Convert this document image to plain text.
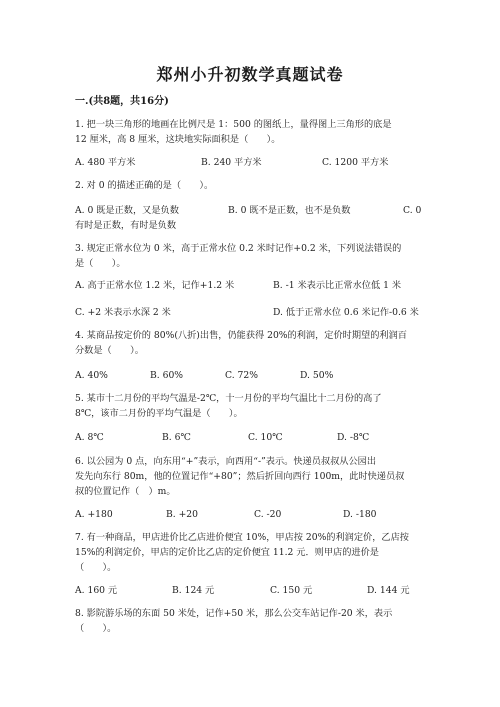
郑州小升初数学真题试卷
一.(共8题，共16分)
1. 把一块三角形的地画在比例尺是 1：500 的图纸上，量得图上三角形的底是
12 厘米，高 8 厘米，这块地实际面积是（　　）。
A. 480 平方米	B. 240 平方米	C. 1200 平方米
2. 对 0 的描述正确的是（　　）。
A. 0 既是正数，又是负数	B. 0 既不是正数，也不是负数	C. 0
有时是正数，有时是负数
3. 规定正常水位为 0 米，高于正常水位 0.2 米时记作+0.2 米，下列说法错误的
是（　　）。
A. 高于正常水位 1.2 米，记作+1.2 米	B. -1 米表示比正常水位低 1 米
C. +2 米表示水深 2 米	D. 低于正常水位 0.6 米记作-0.6 米
4. 某商品按定价的 80%(八折)出售，仍能获得 20%的利润，定价时期望的利润百
分数是（　　）。
A. 40%	B. 60%	C. 72%	D. 50%
5. 某市十二月份的平均气温是-2℃，十一月份的平均气温比十二月份的高了
8℃，该市二月份的平均气温是（　　）。
A. 8℃	B. 6℃	C. 10℃	D. -8℃
6. 以公园为 0 点，向东用“+”表示，向西用“-”表示。快递员叔叔从公园出
发先向东行 80m，他的位置记作“+80”；然后折回向西行 100m，此时快递员叔
叔的位置记作（　）m。
A. +180	B. +20	C. -20	D. -180
7. 有一种商品，甲店进价比乙店进价便宜 10%，甲店按 20%的利润定价，乙店按
15%的利润定价，甲店的定价比乙店的定价便宜 11.2 元．则甲店的进价是
（　　）。
A. 160 元	B. 124 元	C. 150 元	D. 144 元
8. 影院游乐场的东面 50 米处，记作+50 米，那么公交车站记作-20 米，表示
（　　）。
